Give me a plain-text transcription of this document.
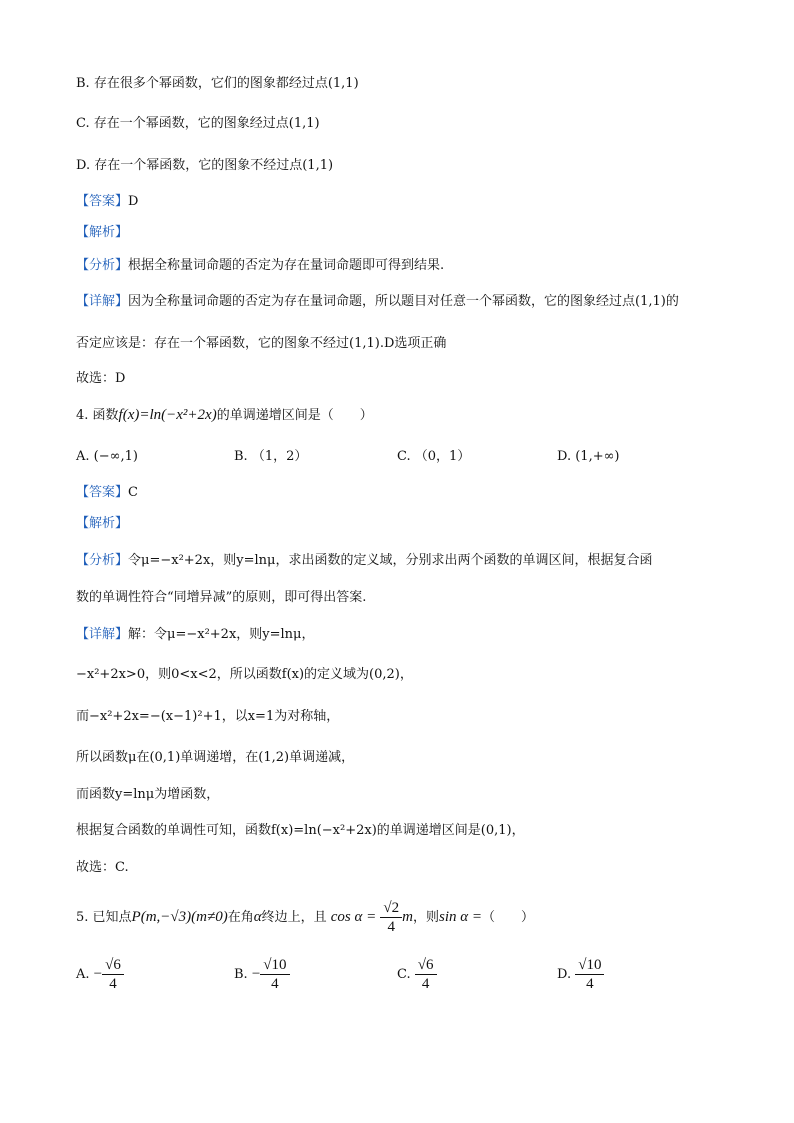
B. 存在很多个幂函数，它们的图象都经过点(1,1)
C. 存在一个幂函数，它的图象经过点(1,1)
D. 存在一个幂函数，它的图象不经过点(1,1)
【答案】D
【解析】
【分析】根据全称量词命题的否定为存在量词命题即可得到结果.
【详解】因为全称量词命题的否定为存在量词命题，所以题目对任意一个幂函数，它的图象经过点(1,1)的
否定应该是：存在一个幂函数，它的图象不经过(1,1).D选项正确
故选：D
4. 函数f(x)=ln(−x²+2x)的单调递增区间是（　　）
A. (−∞,1)	B. （1，2）	C. （0，1）	D. (1,+∞)
【答案】C
【解析】
【分析】令μ=−x²+2x，则y=lnμ，求出函数的定义域，分别求出两个函数的单调区间，根据复合函
数的单调性符合“同增异减”的原则，即可得出答案.
【详解】解：令μ=−x²+2x，则y=lnμ，
−x²+2x>0，则0<x<2，所以函数f(x)的定义域为(0,2)，
而−x²+2x=−(x−1)²+1，以x=1为对称轴，
所以函数μ在(0,1)单调递增，在(1,2)单调递减，
而函数y=lnμ为增函数，
根据复合函数的单调性可知，函数f(x)=ln(−x²+2x)的单调递增区间是(0,1)，
故选：C.
5. 已知点P(m,−√3)(m≠0)在角α终边上，且 $\cos \alpha = \frac{√2}{4}$ m，则sin α =（　　）
A. − $\frac{√6}{4}$	B. − $\frac{√10}{4}$	C. $\frac{√6}{4}$	D. $\frac{√10}{4}$
